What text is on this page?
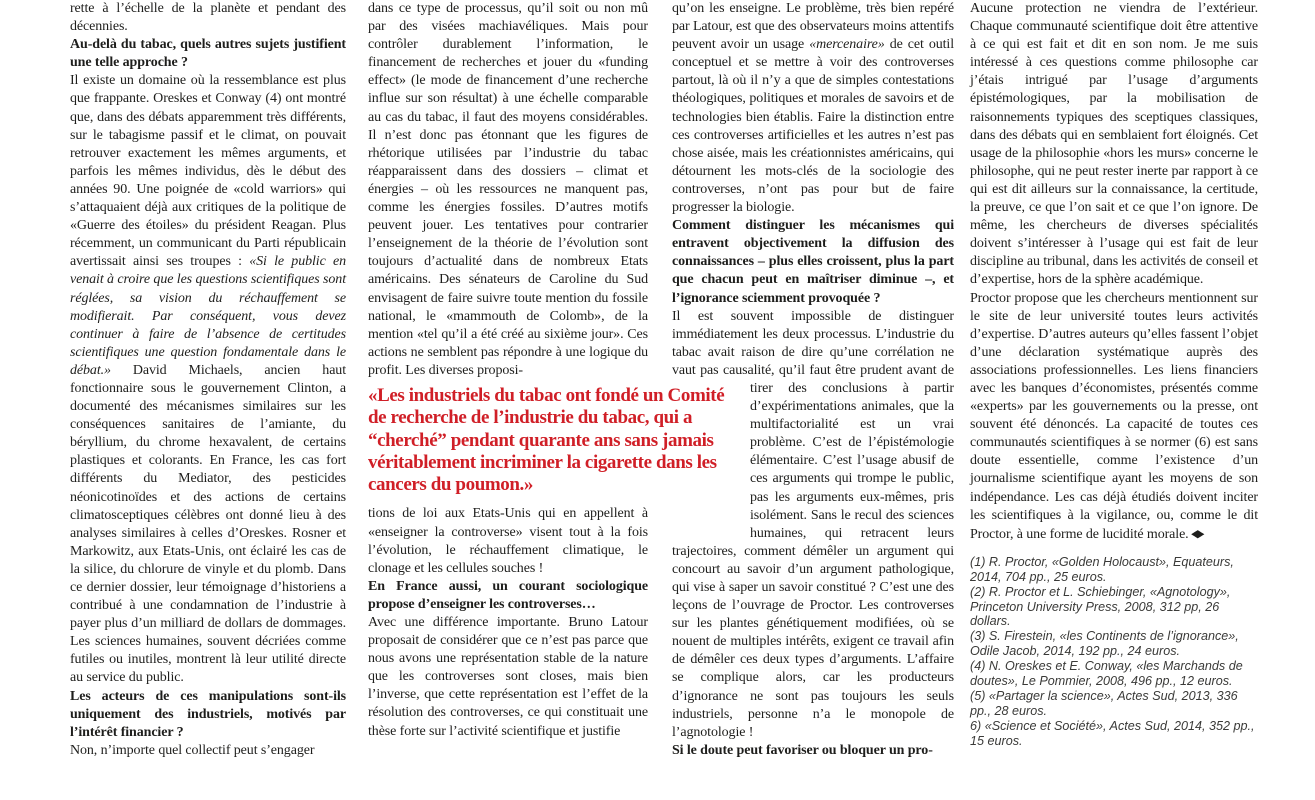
rette à l’échelle de la planète et pendant des décennies.

Au-delà du tabac, quels autres sujets justifient une telle approche ?

Il existe un domaine où la ressemblance est plus que frappante. Oreskes et Conway (4) ont montré que, dans des débats apparemment très différents, sur le tabagisme passif et le climat, on pouvait retrouver exactement les mêmes arguments, et parfois les mêmes individus, dès le début des années 90. Une poignée de «cold warriors» qui s’attaquaient déjà aux critiques de la politique de «Guerre des étoiles» du président Reagan. Plus récemment, un communicant du Parti républicain avertissait ainsi ses troupes : «Si le public en venait à croire que les questions scientifiques sont réglées, sa vision du réchauffement se modifierait. Par conséquent, vous devez continuer à faire de l’absence de certitudes scientifiques une question fondamentale dans le débat.» David Michaels, ancien haut fonctionnaire sous le gouvernement Clinton, a documenté des mécanismes similaires sur les conséquences sanitaires de l’amiante, du béryllium, du chrome hexavalent, de certains plastiques et colorants. En France, les cas fort différents du Mediator, des pesticides néonicotinoïdes et des actions de certains climatosceptiques célèbres ont donné lieu à des analyses similaires à celles d’Oreskes. Rosner et Markowitz, aux Etats-Unis, ont éclairé les cas de la silice, du chlorure de vinyle et du plomb. Dans ce dernier dossier, leur témoignage d’historiens a contribué à une condamnation de l’industrie à payer plus d’un milliard de dollars de dommages. Les sciences humaines, souvent décriées comme futiles ou inutiles, montrent là leur utilité directe au service du public.

Les acteurs de ces manipulations sont-ils uniquement des industriels, motivés par l’intérêt financier ?

Non, n’importe quel collectif peut s’engager

dans ce type de processus, qu’il soit ou non mû par des visées machiavéliques. Mais pour contrôler durablement l’information, le financement de recherches et jouer du «funding effect» (le mode de financement d’une recherche influe sur son résultat) à une échelle comparable au cas du tabac, il faut des moyens considérables. Il n’est donc pas étonnant que les figures de rhétorique utilisées par l’industrie du tabac réapparaissent dans des dossiers – climat et énergies – où les ressources ne manquent pas, comme les énergies fossiles. D’autres motifs peuvent jouer. Les tentatives pour contrarier l’enseignement de la théorie de l’évolution sont toujours d’actualité dans de nombreux Etats américains. Des sénateurs de Caroline du Sud envisagent de faire suivre toute mention du fossile national, le «mammouth de Colomb», de la mention «tel qu’il a été créé au sixième jour». Ces actions ne semblent pas répondre à une logique du profit. Les diverses proposi-

«Les industriels du tabac ont fondé un Comité de recherche de l’industrie du tabac, qui a “cherché” pendant quarante ans sans jamais véritablement incriminer la cigarette dans les cancers du poumon.»

tions de loi aux Etats-Unis qui en appellent à «enseigner la controverse» visent tout à la fois l’évolution, le réchauffement climatique, le clonage et les cellules souches !

En France aussi, un courant sociologique propose d’enseigner les controverses…

Avec une différence importante. Bruno Latour proposait de considérer que ce n’est pas parce que nous avons une représentation stable de la nature que les controverses sont closes, mais bien l’inverse, que cette représentation est l’effet de la résolution des controverses, ce qui constituait une thèse forte sur l’activité scientifique et justifie

qu’on les enseigne. Le problème, très bien repéré par Latour, est que des observateurs moins attentifs peuvent avoir un usage «mercenaire» de cet outil conceptuel et se mettre à voir des controverses partout, là où il n’y a que de simples contestations théologiques, politiques et morales de savoirs et de technologies bien établis. Faire la distinction entre ces controverses artificielles et les autres n’est pas chose aisée, mais les créationnistes américains, qui détournent les mots-clés de la sociologie des controverses, n’ont pas pour but de faire progresser la biologie.

Comment distinguer les mécanismes qui entravent objectivement la diffusion des connaissances – plus elles croissent, plus la part que chacun peut en maîtriser diminue –, et l’ignorance sciemment provoquée ?

Il est souvent impossible de distinguer immédiatement les deux processus. L’industrie du tabac avait raison de dire qu’une corrélation ne vaut pas causalité, qu’il faut être prudent
avant de tirer des conclusions à partir d’expérimentations animales, que la multifactorialité est un vrai problème. C’est de l’épistémologie élémentaire. C’est l’usage abusif de ces arguments qui trompe le public, pas les arguments eux-mêmes, pris isolément. Sans le recul des sciences humaines, qui retracent leurs trajectoires, comment démêler un argument qui concourt au savoir d’un argument pathologique, qui vise à saper un savoir constitué ? C’est une des leçons de l’ouvrage de Proctor. Les controverses sur les plantes génétiquement modifiées, où se nouent de multiples intérêts, exigent ce travail afin de démêler ces deux types d’arguments. L’affaire se complique alors, car les producteurs d’ignorance ne sont pas toujours les seuls industriels, personne n’a le monopole de l’agnotologie !

Si le doute peut favoriser ou bloquer un pro-

Aucune protection ne viendra de l’extérieur. Chaque communauté scientifique doit être attentive à ce qui est fait et dit en son nom. Je me suis intéressé à ces questions comme philosophe car j’étais intrigué par l’usage d’arguments épistémologiques, par la mobilisation de raisonnements typiques des sceptiques classiques, dans des débats qui en semblaient fort éloignés. Cet usage de la philosophie «hors les murs» concerne le philosophe, qui ne peut rester inerte par rapport à ce qui est dit ailleurs sur la connaissance, la certitude, la preuve, ce que l’on sait et ce que l’on ignore. De même, les chercheurs de diverses spécialités doivent s’intéresser à l’usage qui est fait de leur discipline au tribunal, dans les activités de conseil et d’expertise, hors de la sphère académique.

Proctor propose que les chercheurs mentionnent sur le site de leur université toutes leurs activités d’expertise. D’autres auteurs qu’elles fassent l’objet d’une déclaration systématique auprès des associations professionnelles. Les liens financiers avec les banques d’économistes, présentés comme «experts» par les gouvernements ou la presse, ont souvent été dénoncés. La capacité de toutes ces communautés scientifiques à se normer (6) est sans doute essentielle, comme l’existence d’un journalisme scientifique ayant les moyens de son indépendance. Les cas déjà étudiés doivent inciter les scientifiques à la vigilance, ou, comme le dit Proctor, à une forme de lucidité morale. ◆

(1) R. Proctor, «Golden Holocaust», Equateurs, 2014, 704 pp., 25 euros.

(2) R. Proctor et L. Schiebinger, «Agnotology», Princeton University Press, 2008, 312 pp, 26 dollars.

(3) S. Firestein, «les Continents de l’ignorance», Odile Jacob, 2014, 192 pp., 24 euros.

(4) N. Oreskes et E. Conway, «les Marchands de doutes», Le Pommier, 2008, 496 pp., 12 euros.

(5) «Partager la science», Actes Sud, 2013, 336 pp., 28 euros.

6) «Science et Société», Actes Sud, 2014, 352 pp., 15 euros.
